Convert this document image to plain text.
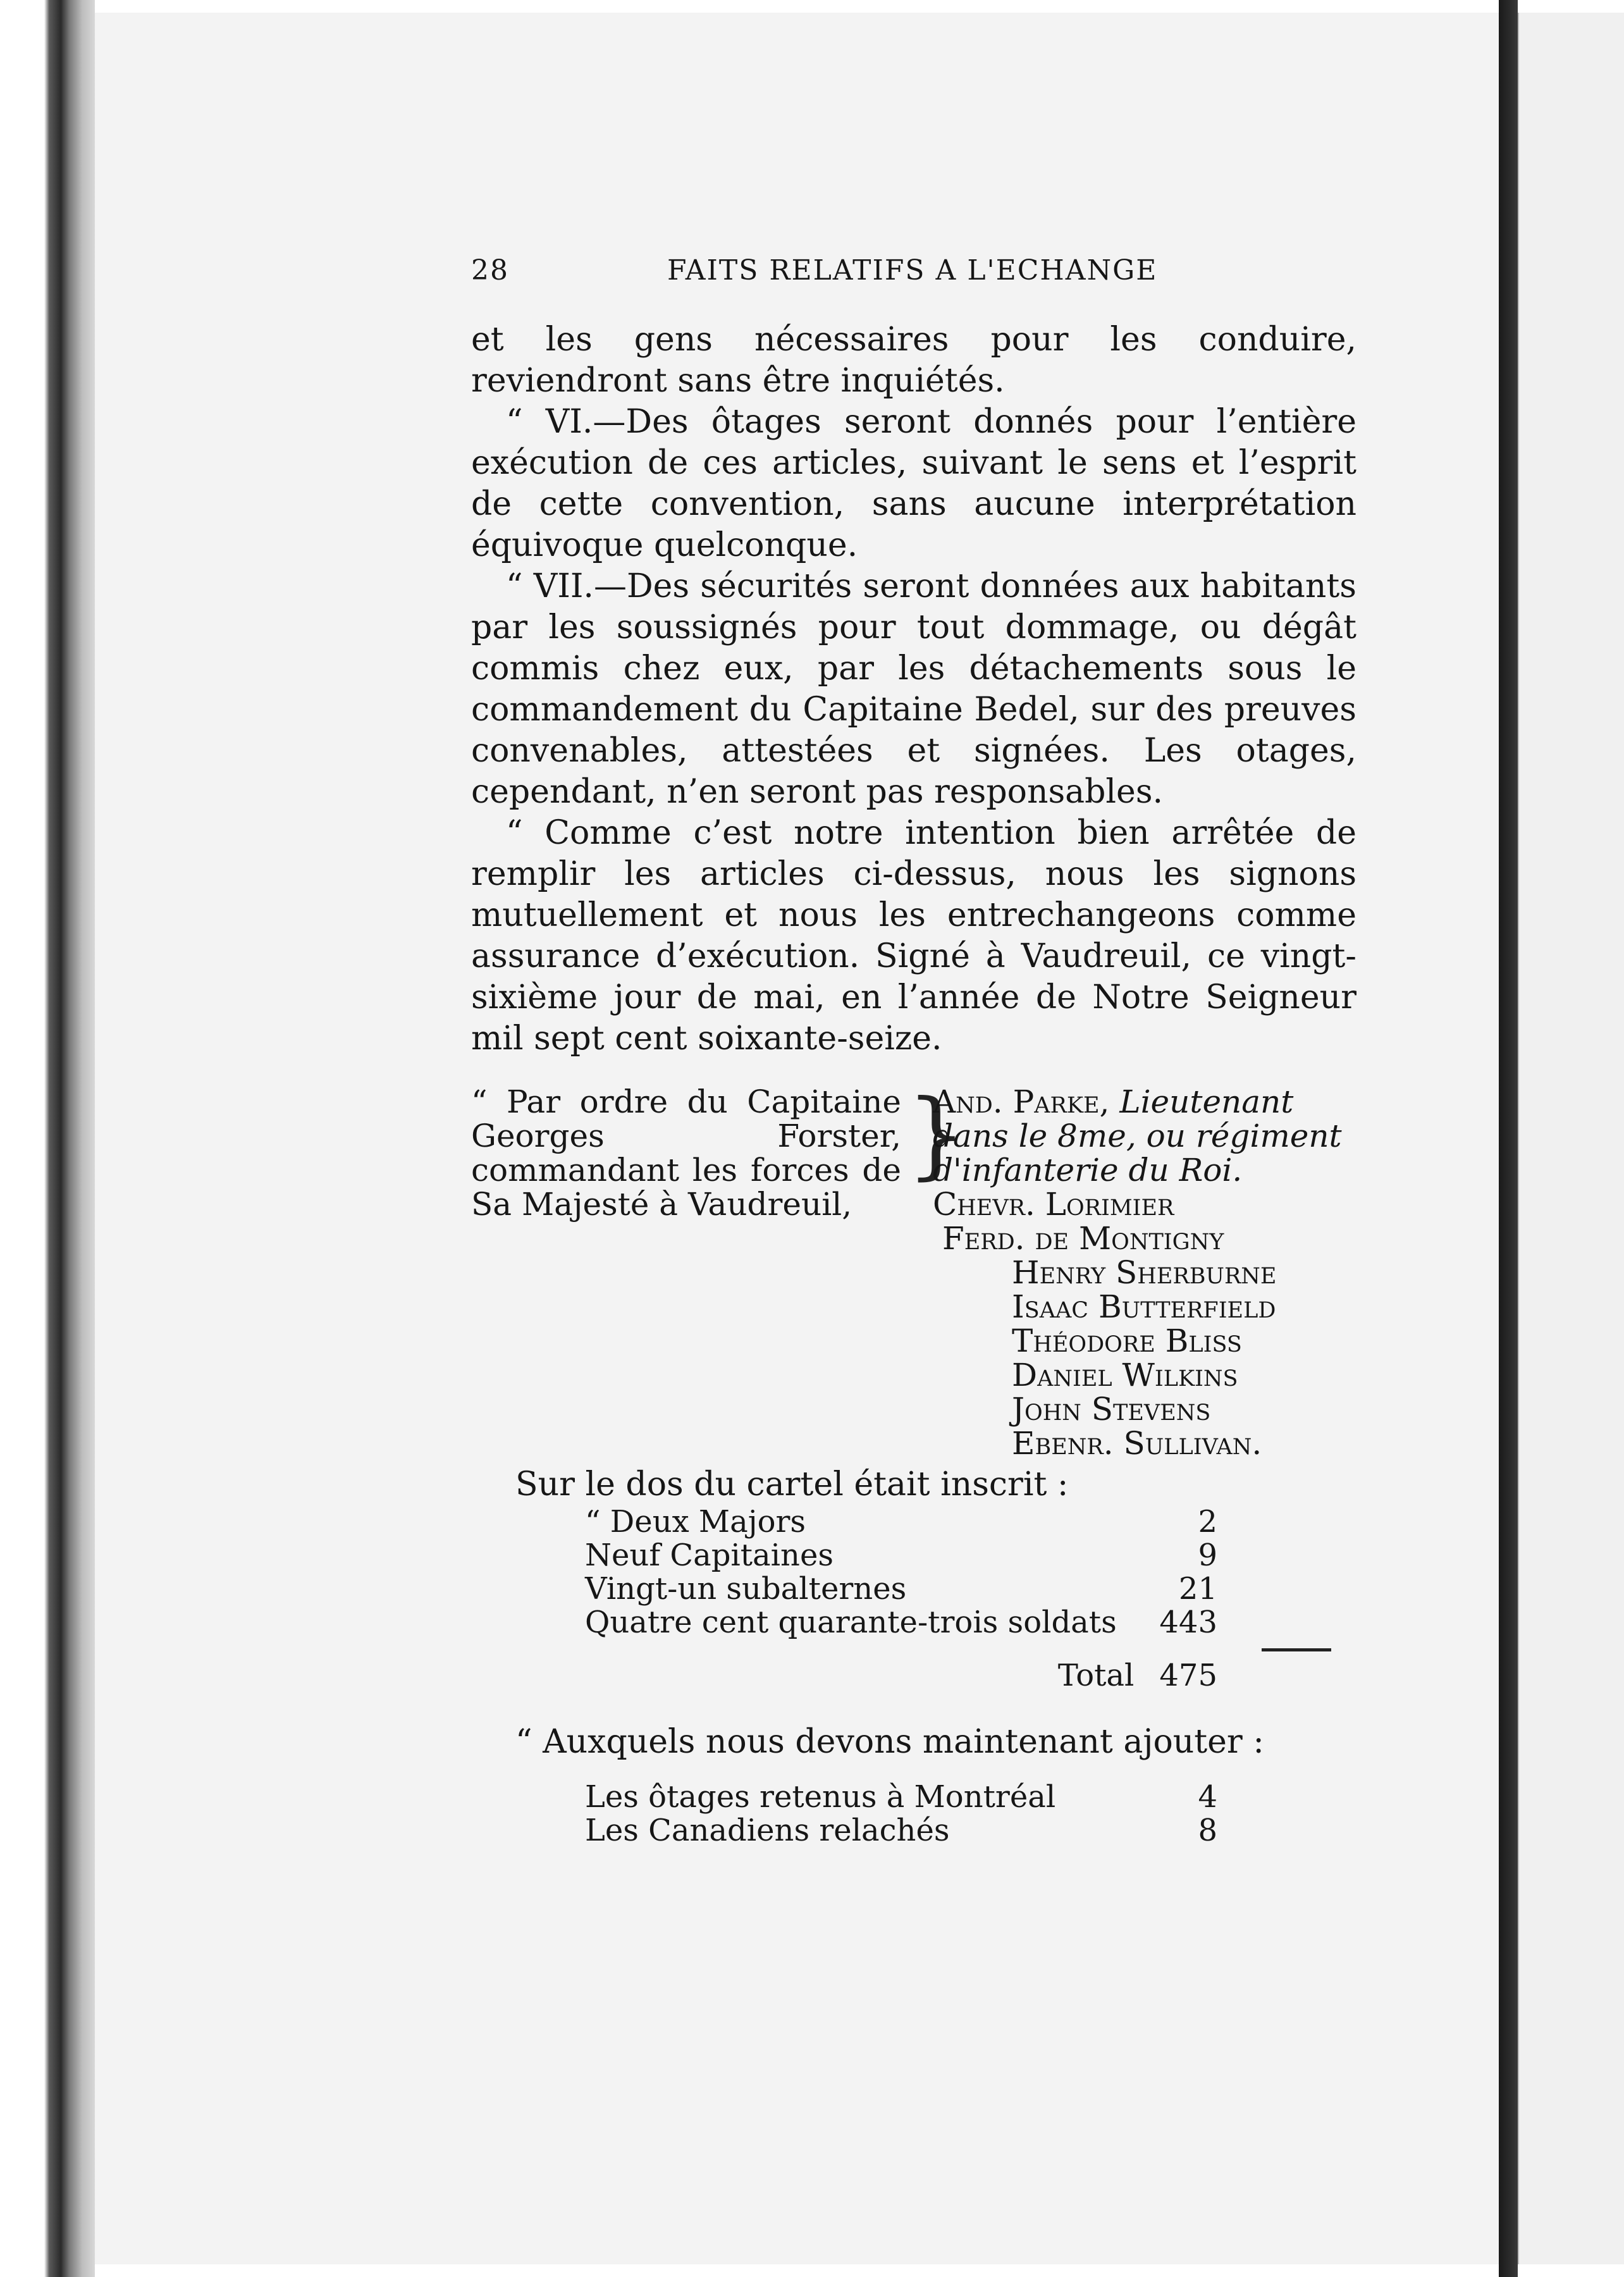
28	FAITS RELATIFS A L'ECHANGE

et les gens nécessaires pour les conduire, reviendront sans être inquiétés.

“ VI.—Des ôtages seront donnés pour l’entière exécution de ces articles, suivant le sens et l’esprit de cette convention, sans aucune interprétation équivoque quelconque.

“ VII.—Des sécurités seront données aux habitants par les soussignés pour tout dommage, ou dégât commis chez eux, par les détachements sous le commandement du Capitaine Bedel, sur des preuves convenables, attestées et signées. Les otages, cependant, n’en seront pas responsables.

“ Comme c’est notre intention bien arrêtée de remplir les articles ci-dessus, nous les signons mutuellement et nous les entrechangeons comme assurance d’exécution. Signé à Vaudreuil, ce vingt-sixième jour de mai, en l’année de Notre Seigneur mil sept cent soixante-seize.

“ Par ordre du Capitaine Georges Forster, commandant les forces de Sa Majesté à Vaudreuil,
}
And. Parke, Lieutenant dans le 8me, ou régiment d'infanterie du Roi.
Chevr. Lorimier
Ferd. de Montigny
Henry Sherburne
Isaac Butterfield
Théodore Bliss
Daniel Wilkins
John Stevens
Ebenr. Sullivan.
Sur le dos du cartel était inscrit :
“ Deux Majors	2
Neuf Capitaines	9
Vingt-un subalternes	21
Quatre cent quarante-trois soldats 443
Total 475
“ Auxquels nous devons maintenant ajouter :
Les ôtages retenus à Montréal	4
Les Canadiens relachés	8
